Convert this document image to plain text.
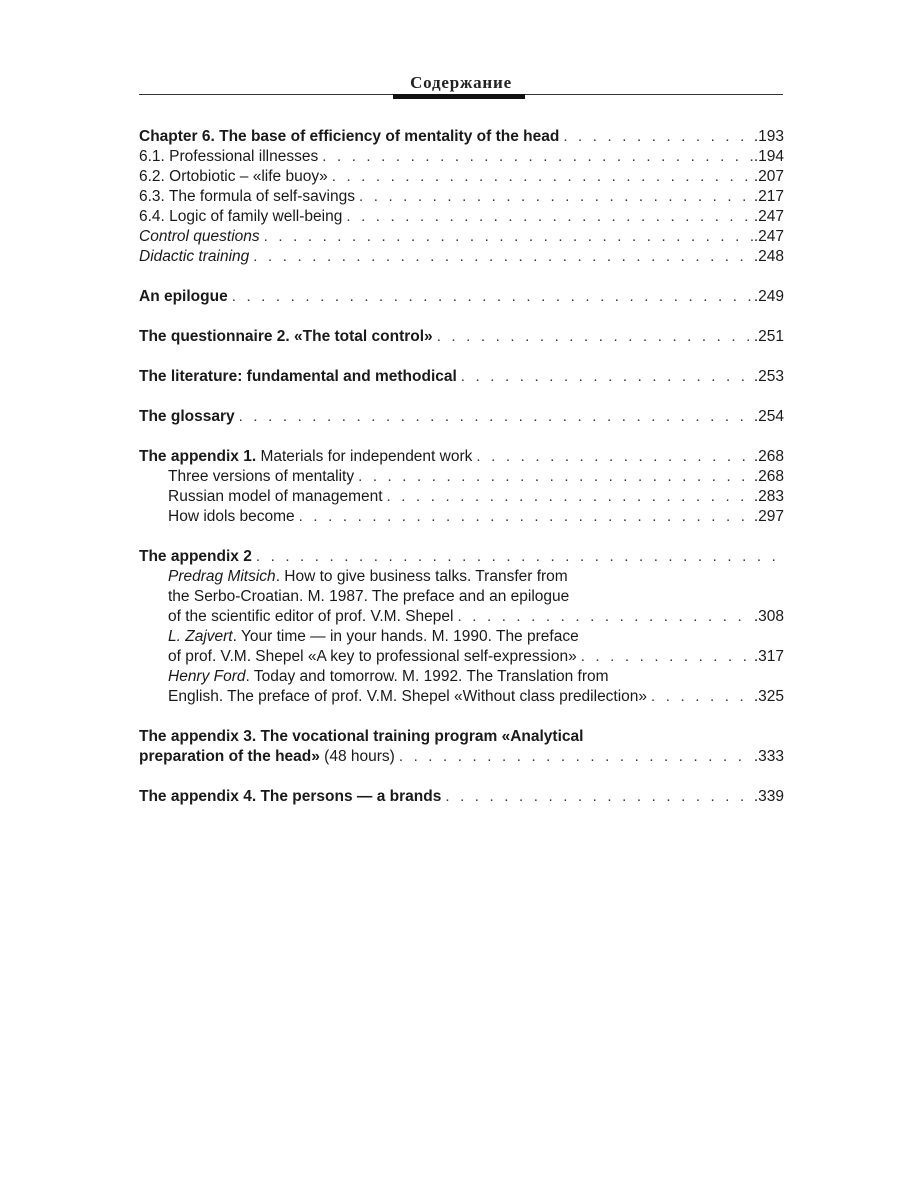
Содержание
Chapter 6. The base of efficiency of mentality of the head . . .	.193
6.1. Professional illnesses . . .	.194
6.2. Ortobiotic – «life buoy» . . .	.207
6.3. The formula of self-savings . . .	.217
6.4. Logic of family well-being . . .	.247
Control questions . . .	.247
Didactic training . . .	.248
An epilogue . . .	.249
The questionnaire 2. «The total control» . . .	.251
The literature: fundamental and methodical . . .	.253
The glossary . . .	.254
The appendix 1. Materials for independent work . . .	.268
Three versions of mentality . . .	.268
Russian model of management . . .	.283
How idols become . . .	.297
The appendix 2
. . .
Predrag Mitsich. How to give business talks. Transfer from
the Serbo-Croatian. M. 1987. The preface and an epilogue
of the scientific editor of prof. V.M. Shepel . . .	.308
L. Zajvert. Your time — in your hands. M. 1990. The preface
of prof. V.M. Shepel «A key to professional self-expression» . . .	.317
Henry Ford. Today and tomorrow. M. 1992. The Translation from
English. The preface of prof. V.M. Shepel «Without class predilection» . . .	.325
The appendix 3. The vocational training program «Analytical
preparation of the head» (48 hours) . . .	.333
The appendix 4. The persons — a brands . . .	.339
